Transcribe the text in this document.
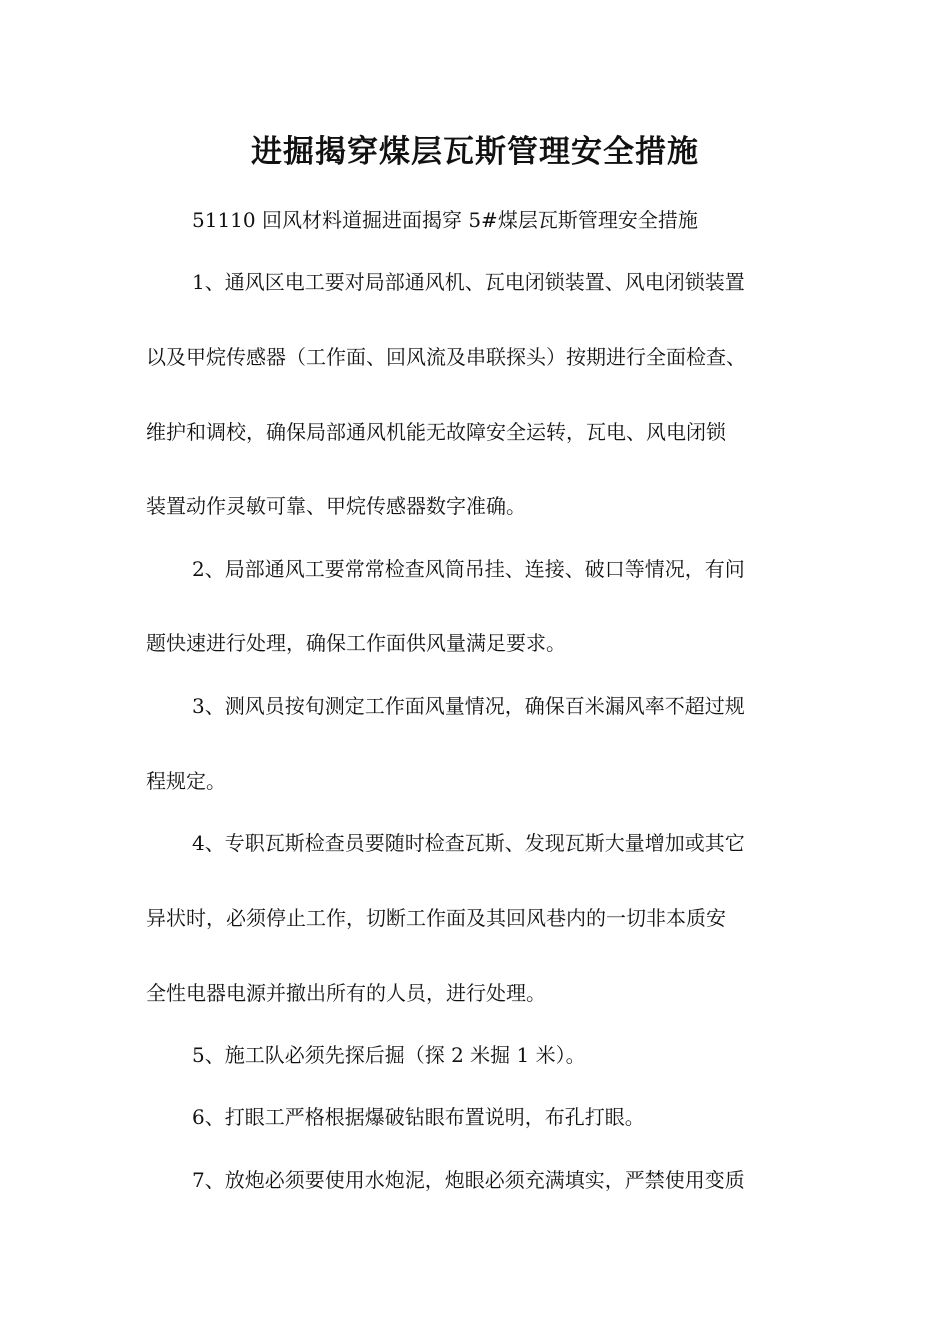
进掘揭穿煤层瓦斯管理安全措施

51110 回风材料道掘进面揭穿 5#煤层瓦斯管理安全措施

1、通风区电工要对局部通风机、瓦电闭锁装置、风电闭锁装置

以及甲烷传感器（工作面、回风流及串联探头）按期进行全面检查、

维护和调校，确保局部通风机能无故障安全运转，瓦电、风电闭锁

装置动作灵敏可靠、甲烷传感器数字准确。

2、局部通风工要常常检查风筒吊挂、连接、破口等情况，有问

题快速进行处理，确保工作面供风量满足要求。

3、测风员按旬测定工作面风量情况，确保百米漏风率不超过规

程规定。

4、专职瓦斯检查员要随时检查瓦斯、发现瓦斯大量增加或其它

异状时，必须停止工作，切断工作面及其回风巷内的一切非本质安

全性电器电源并撤出所有的人员，进行处理。

5、施工队必须先探后掘（探 2 米掘 1 米）。

6、打眼工严格根据爆破钻眼布置说明，布孔打眼。

7、放炮必须要使用水炮泥，炮眼必须充满填实，严禁使用变质
